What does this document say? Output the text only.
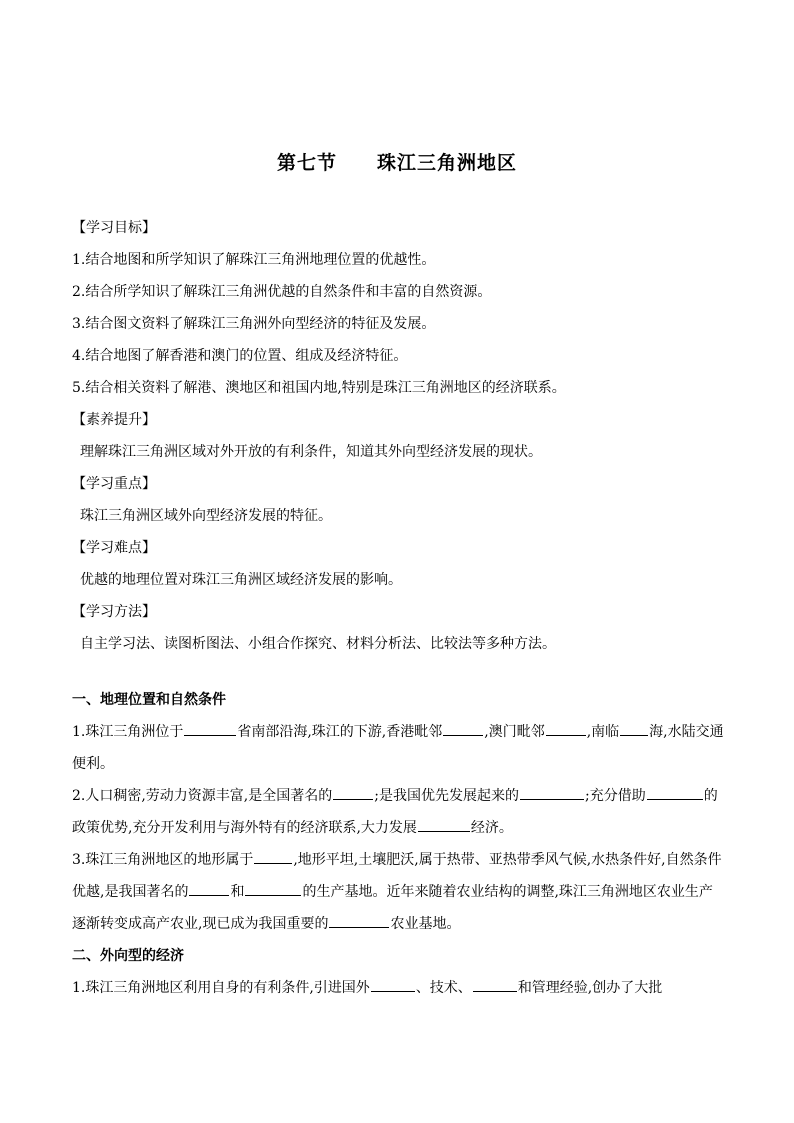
第七节 珠江三角洲地区
【学习目标】
1.结合地图和所学知识了解珠江三角洲地理位置的优越性。
2.结合所学知识了解珠江三角洲优越的自然条件和丰富的自然资源。
3.结合图文资料了解珠江三角洲外向型经济的特征及发展。
4.结合地图了解香港和澳门的位置、组成及经济特征。
5.结合相关资料了解港、澳地区和祖国内地,特别是珠江三角洲地区的经济联系。
【素养提升】
理解珠江三角洲区域对外开放的有利条件，知道其外向型经济发展的现状。
【学习重点】
珠江三角洲区域外向型经济发展的特征。
【学习难点】
优越的地理位置对珠江三角洲区域经济发展的影响。
【学习方法】
自主学习法、读图析图法、小组合作探究、材料分析法、比较法等多种方法。
一、地理位置和自然条件
1.珠江三角洲位于	省南部沿海,珠江的下游,香港毗邻	,澳门毗邻	,南临 海,水陆交通
便利。
2.人口稠密,劳动力资源丰富,是全国著名的	;是我国优先发展起来的	;充分借助	的
政策优势,充分开发利用与海外特有的经济联系,大力发展	经济。
3.珠江三角洲地区的地形属于	,地形平坦,土壤肥沃,属于热带、亚热带季风气候,水热条件好,自然条件
优越,是我国著名的	和	的生产基地。近年来随着农业结构的调整,珠江三角洲地区农业生产
逐渐转变成高产农业,现已成为我国重要的	农业基地。
二、外向型的经济
1.珠江三角洲地区利用自身的有利条件,引进国外	、技术、	和管理经验,创办了大批
